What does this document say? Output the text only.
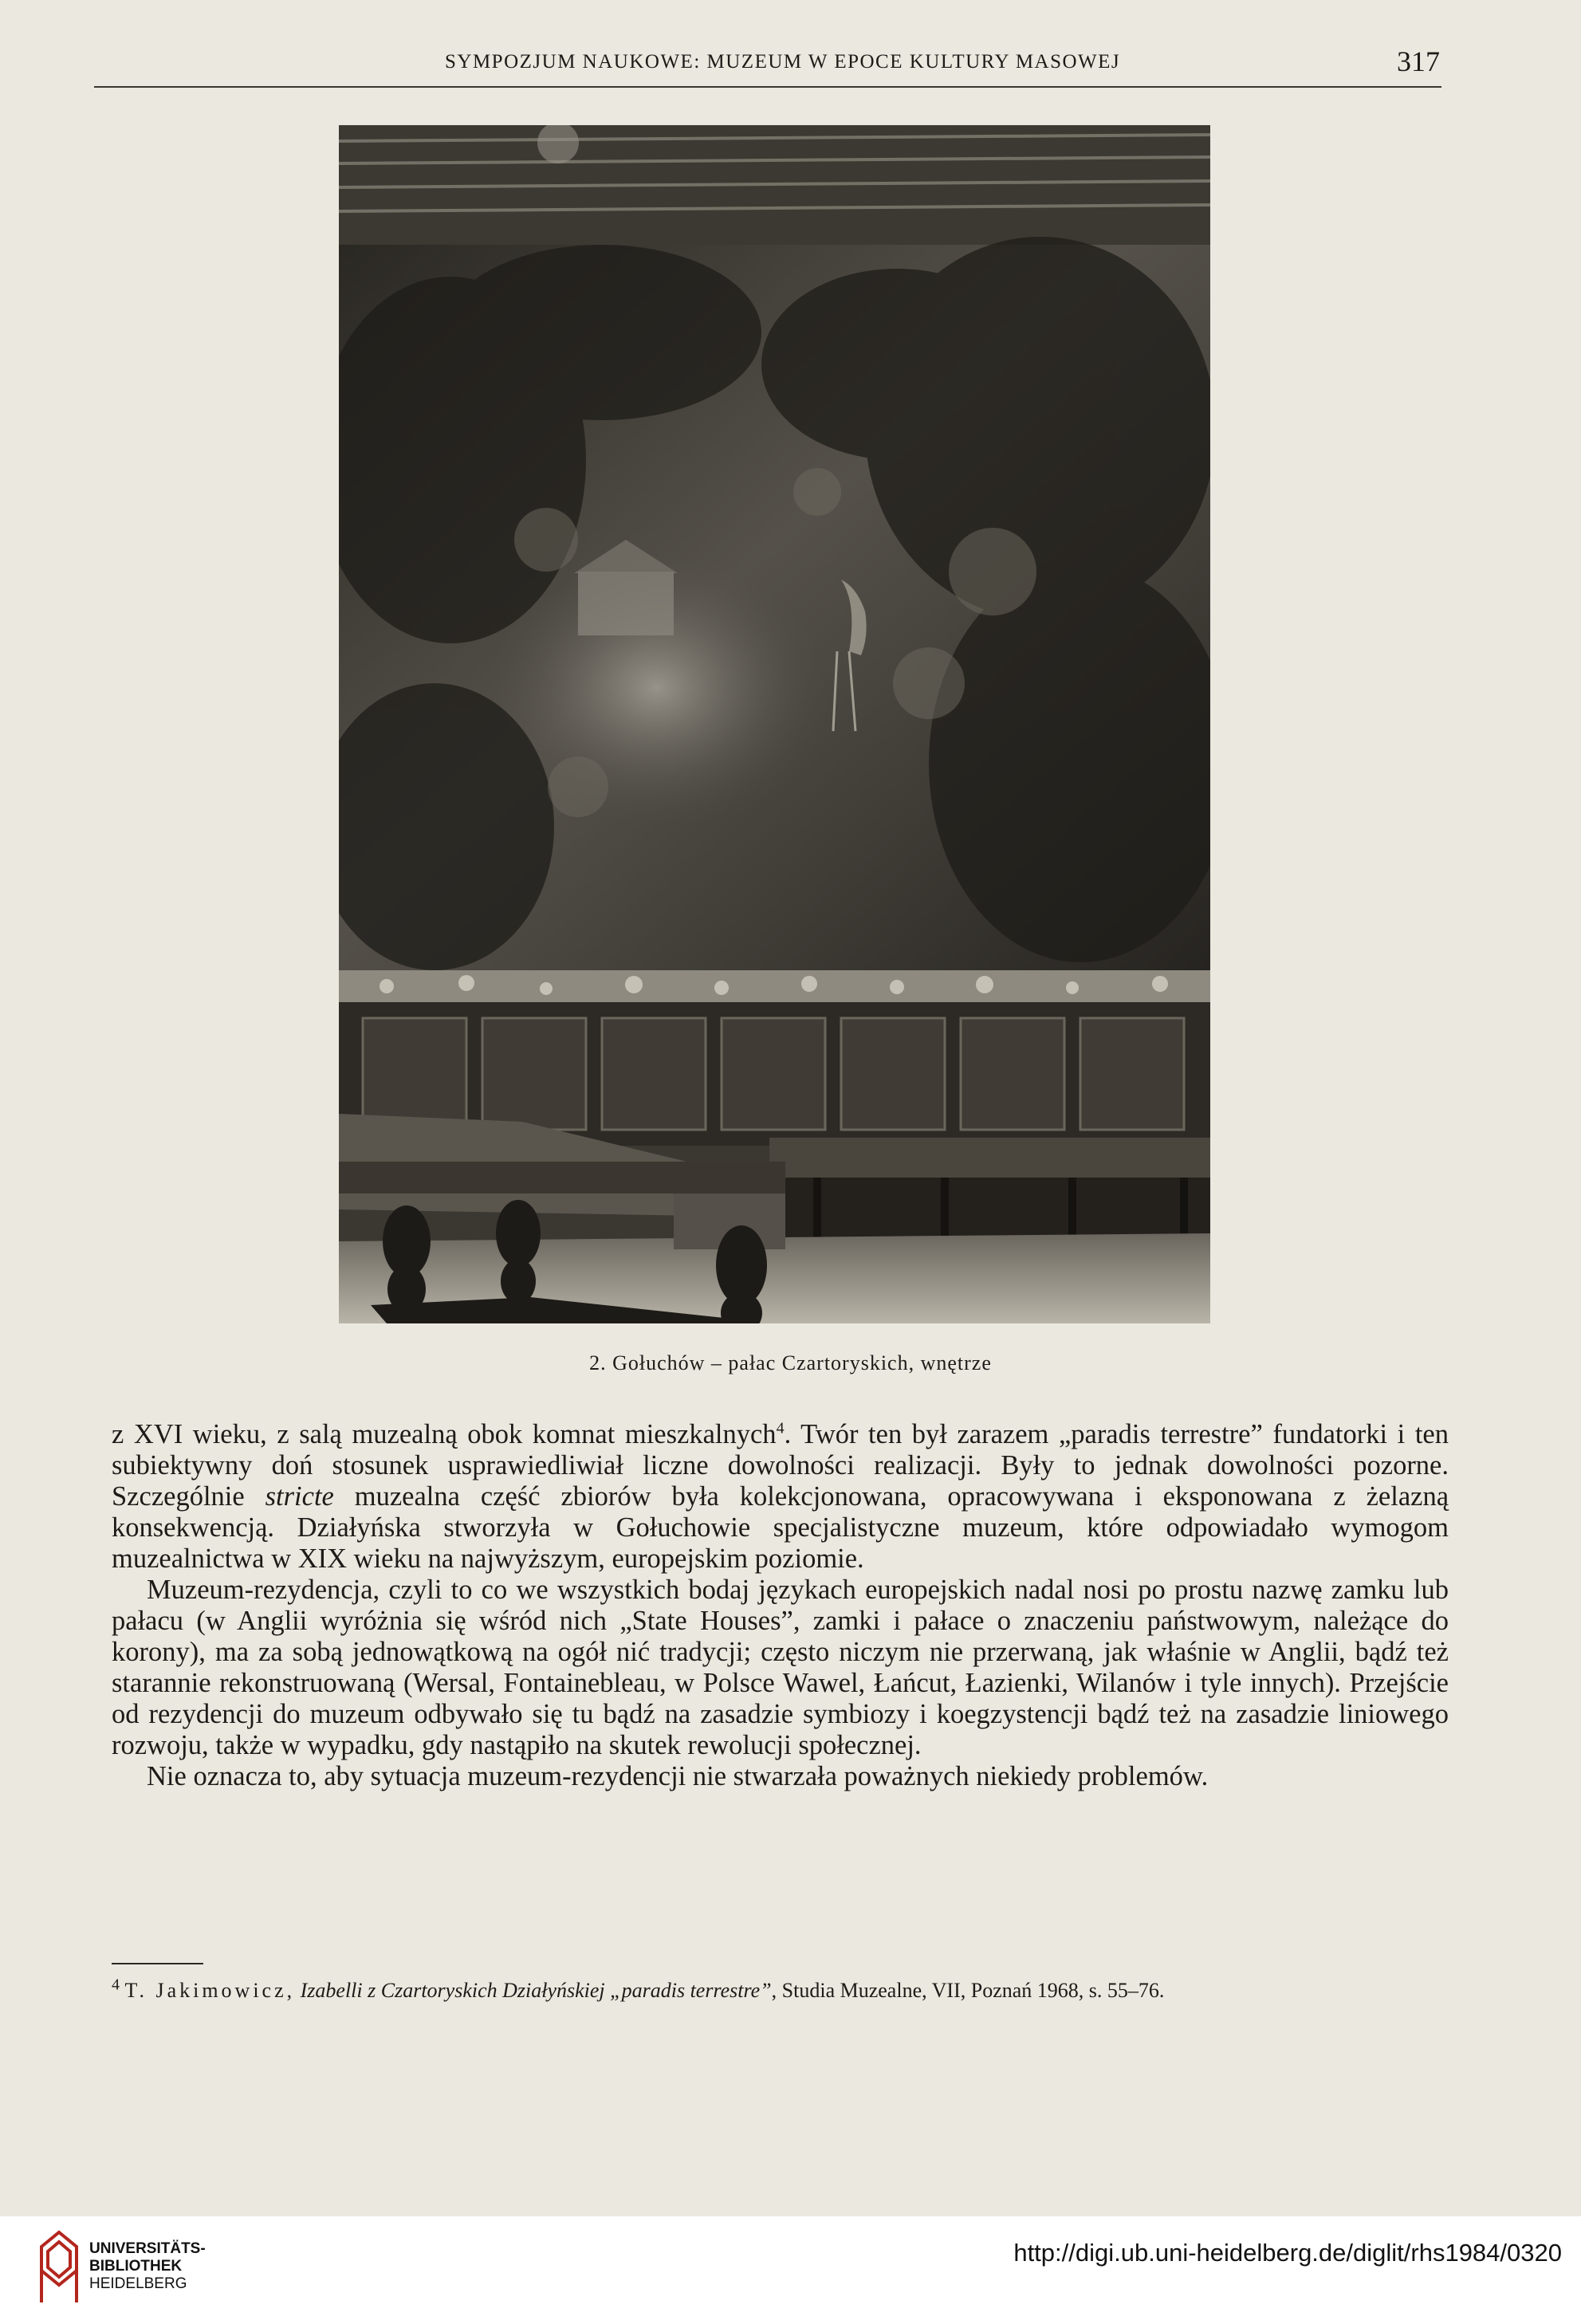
SYMPOZJUM NAUKOWE: MUZEUM W EPOCE KULTURY MASOWEJ	317
2. Gołuchów – pałac Czartoryskich, wnętrze

z XVI wieku, z salą muzealną obok komnat mieszkalnych$^4$. Twór ten był zarazem „paradis terrestre” fundatorki i ten subiektywny doń stosunek usprawiedliwiał liczne dowolności realizacji. Były to jednak dowolności pozorne. Szczególnie stricte muzealna część zbiorów była kolekcjonowana, opracowywana i eksponowana z żelazną konsekwencją. Działyńska stworzyła w Gołuchowie specjalistyczne muzeum, które odpowiadało wymogom muzealnictwa w XIX wieku na najwyższym, europejskim poziomie.

Muzeum-rezydencja, czyli to co we wszystkich bodaj językach europejskich nadal nosi po prostu nazwę zamku lub pałacu (w Anglii wyróżnia się wśród nich „State Houses”, zamki i pałace o znaczeniu państwowym, należące do korony), ma za sobą jednowątkową na ogół nić tradycji; często niczym nie przerwaną, jak właśnie w Anglii, bądź też starannie rekonstruowaną (Wersal, Fontainebleau, w Polsce Wawel, Łańcut, Łazienki, Wilanów i tyle innych). Przejście od rezydencji do muzeum odbywało się tu bądź na zasadzie symbiozy i koegzystencji bądź też na zasadzie liniowego rozwoju, także w wypadku, gdy nastąpiło na skutek rewolucji społecznej.

Nie oznacza to, aby sytuacja muzeum-rezydencji nie stwarzała poważnych niekiedy problemów.

$^4$ T. Jakimowicz, Izabelli z Czartoryskich Działyńskiej „paradis terrestre”, Studia Muzealne, VII, Poznań 1968, s. 55–76.
UNIVERSITÄTS-
BIBLIOTHEK
HEIDELBERG
http://digi.ub.uni-heidelberg.de/diglit/rhs1984/0320
